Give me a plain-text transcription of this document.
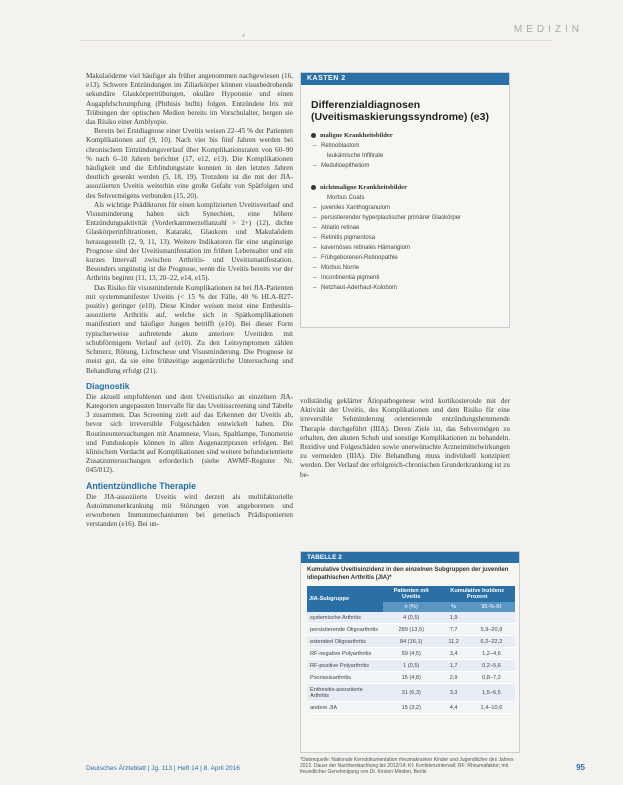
MEDIZIN

Makulaödeme viel häufiger als früher angenommen nachgewiesen (16, e13). Schwere Entzündungen im Ziliarkörper können visusbedrohende sekundäre Glaskörpertrübungen, okuläre Hypotonie und einen Augapfelschrumpfung (Phthisis bulbi) folgen. Entzündete Iris mit Trübungen der optischen Medien bereits im Vorschulalter, bergen sie das Risiko einer Amblyopie.

Bereits bei Erstdiagnose einer Uveitis weisen 22–45 % der Patienten Komplikationen auf (9, 10). Nach vier bis fünf Jahren werden bei chronischem Entzündungsverlauf über Komplikationsraten von 60–90 % nach 6–10 Jahren berichtet (17, e12, e13). Die Komplikationen häufigkeit und die Erblindungsrate konnten in den letzten Jahren deutlich gesenkt werden (5, 18, 19). Trotzdem ist die mit der JIA-assoziierten Uveitis weiterhin eine große Gefahr von Spätfolgen und des Sehvermögens verbunden (15, 20).

Als wichtige Prädiktoren für einen komplizierten Uveitisverlauf und Visusminderung haben sich Synechien, eine höhere Entzündungsaktivität (Vorderkammerzellanzahl > 2+) (12), dichte Glaskörperinfiltrationen, Katarakt, Glaukom und Makulaödem herausgestellt (2, 9, 11, 13). Weitere Indikatoren für eine ungünstige Prognose sind der Uveitismanifestation im frühen Lebensalter und ein kurzes Intervall zwischen Arthritis- und Uveitismanifestation. Besonders ungünstig ist die Prognose, wenn die Uveitis bereits vor der Arthritis beginnt (11, 13, 20–22, e14, e15).

Das Risiko für visusmindernde Komplikationen ist bei JIA-Patienten mit systemmanifester Uveitis (< 15 % der Fälle, 40 % HLA-B27-positiv) geringer (e10). Diese Kinder weisen meist eine Enthesitis-assoziierte Arthritis auf, welche sich in Spätkomplikationen manifestiert und häufiger Jungen betrifft (e10). Bei dieser Form typischerweise auftretende akute anteriore Uveitiden mit schubförmigem Verlauf auf (e10). Zu den Leitsymptomen zählen Schmerz, Rötung, Lichtscheue und Visusminderung. Die Prognose ist meist gut, da sie eine frühzeitige augenärztliche Untersuchung und Behandlung erfolgt (21).

Diagnostik

Die aktuell empfohlenen und dem Uveitisrisiko an einzelnen JIA-Kategorien angepassten Intervalle für das Uveitisscreening sind Tabelle 3 zusammen. Das Screening zielt auf das Erkennen der Uveitis ab, bevor sich irreversible Folgeschäden entwickelt haben. Die Routineuntersuchungen mit Anamnese, Visus, Spaltlampe, Tonometrie und Funduskopie können in allen Augenarztpraxen erfolgen. Bei klinischem Verdacht auf Komplikationen sind weitere befundorientierte Zusatzuntersuchungen erforderlich (siehe AWMF-Register Nr. 045/012).

Antientzündliche Therapie

Die JIA-assoziierte Uveitis wird derzeit als multifaktorielle Autoimmunerkrankung mit Störungen von angeborenen und erworbenen Immunmechanismen bei genetisch Prädisponierten verstanden (e16). Bei un-

KASTEN 2
Differenzialdiagnosen (Uveitismaskierungssyndrome) (e3)
maligne Krankheitsbilder
– Retinoblastom
leukämische Infiltrate
– Medulloepitheliom
nichtmaligne Krankheitsbilder
Morbus Coats
– juveniles Xanthogranulom
– persistierender hyperplastischer primärer Glaskörper
– Ablatio retinae
– Retinitis pigmentosa
– kavernöses retinales Hämangiom
– Frühgeborenen-Retinopathie
– Morbus Norrie
– Incontinentia pigmenti
– Netzhaut-Aderhaut-Kolobom

vollständig geklärter Ätiopathogenese wird kortikosteroide mit der Aktivität der Uveitis, des Komplikationen und dem Risiko für eine irreversible Sehminderung orientierende entzündungshemmende Therapie durchgeführt (IIIA). Deren Ziele ist, das Sehvermögen zu erhalten, den akuten Schub und sonstige Komplikationen zu behandeln. Rezidive und Folgeschäden sowie unerwünschte Arzneimittelwirkungen zu vermeiden (IIIA). Die Behandlung muss individuell konzipiert werden. Der Verlauf der erfolgreich-chronischen Grunderkrankung ist zu be-

TABELLE 2
Kumulative Uveitisinzidenz in den einzelnen Subgruppen der juvenilen idiopathischen Arthritis (JIA)*
JIA-Subgruppe	Patienten mit Uveitis	Kumulative Inzidenz Prozent	
	n (%)	%	95-%-KI
systemische Arthritis	4 (0,5)	1,9	
persistierende Oligoarthritis	289 (13,5)	7,7	5,9–20,9
extended Oligoarthritis	84 (16,1)	11,2	6,2–22,2
RF-negative Polyarthritis	59 (4,5)	3,4	1,2–4,6
RF-positive Polyarthritis	1 (0,5)	1,7	0,2–5,6
Psoriasisarthritis	15 (4,8)	2,9	0,8–7,2
Enthesitis-assoziierte Arthritis	31 (6,3)	3,3	1,5–6,5
andere JIA	15 (3,2)	4,4	1,4–10,6
*Datenquelle: Nationale Kerndokumentation rheumakranker Kinder und Jugendlicher des Jahres 2012. Dauer der Nachbeobachtung bis 2012/14; KI: Konfidenzintervall; RF: Rheumafaktor; mit freundlicher Genehmigung von Dr. Kirsten Minden, Berlin
Deutsches Ärzteblatt | Jg. 113 | Heft 14 | 8. April 2016	95
